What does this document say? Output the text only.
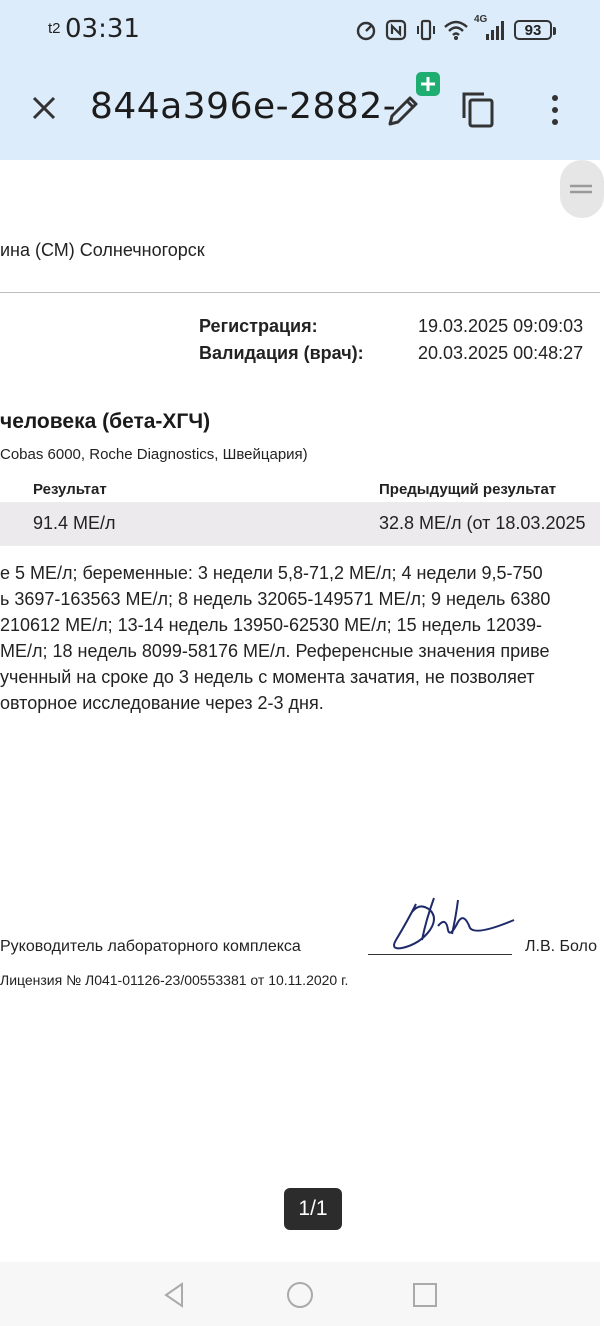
t2 03:31	4G
93
844a396e-2882-
ина (СМ) Солнечногорск
Регистрация:	19.03.2025 09:09:03
Валидация (врач):	20.03.2025 00:48:27
человека (бета-ХГЧ)
Cobas 6000, Roche Diagnostics, Швейцария)
Результат	Предыдущий результат
91.4 МЕ/л	32.8 МЕ/л (от 18.03.2025
е 5 МЕ/л; беременные: 3 недели 5,8-71,2 МЕ/л; 4 недели 9,5-750
ь 3697-163563 МЕ/л; 8 недель 32065-149571 МЕ/л; 9 недель 6380
210612 МЕ/л; 13-14 недель 13950-62530 МЕ/л; 15 недель 12039-
МЕ/л; 18 недель 8099-58176 МЕ/л. Референсные значения приве
ученный на сроке до 3 недель с момента зачатия, не позволяет
овторное исследование через 2-3 дня.
Руководитель лабораторного комплекса	Л.В. Боло
Лицензия № Л041-01126-23/00553381 от 10.11.2020 г.
1/1
